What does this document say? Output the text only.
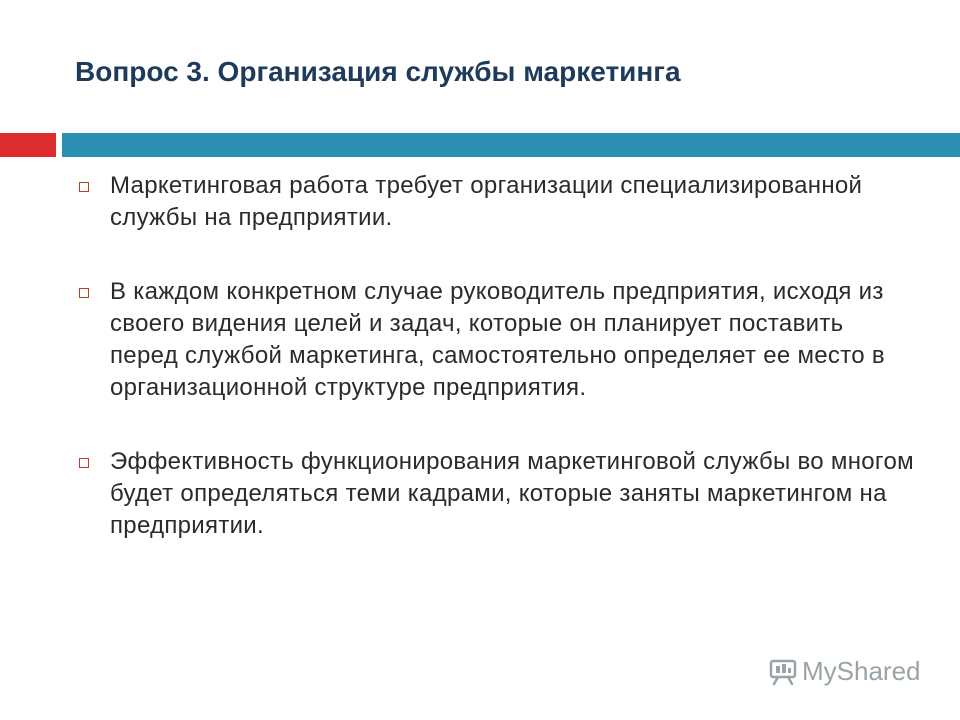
Вопрос 3. Организация службы маркетинга
Маркетинговая работа требует организации специализированной службы на предприятии.
В каждом конкретном случае руководитель предприятия, исходя из своего видения целей и задач, которые он планирует поставить перед службой маркетинга, самостоятельно определяет ее место в организационной структуре предприятия.
Эффективность функционирования маркетинговой службы во многом будет определяться теми кадрами, которые заняты маркетингом на предприятии.
MyShared
